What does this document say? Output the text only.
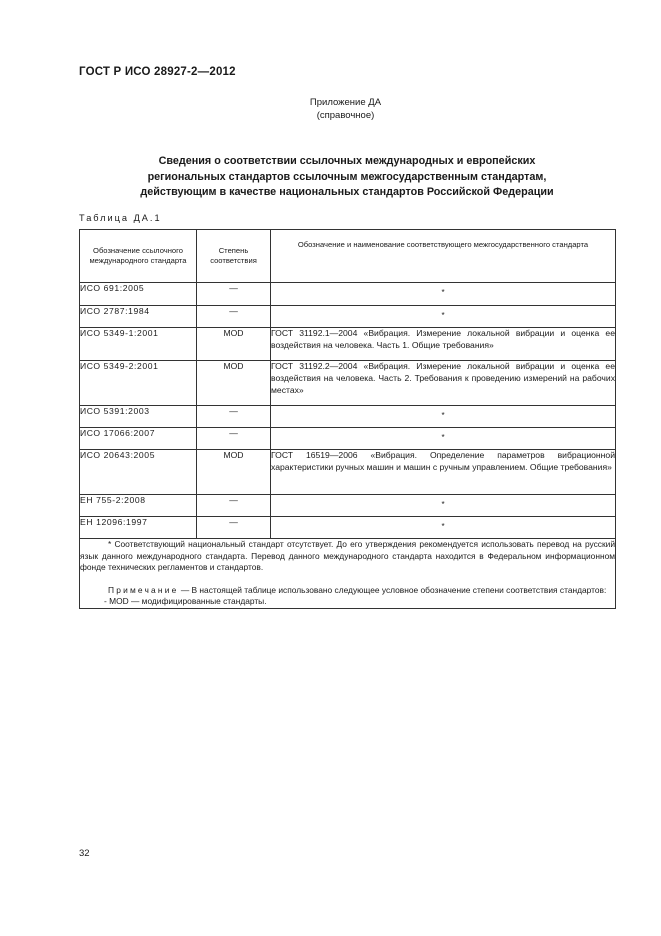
ГОСТ Р ИСО 28927-2—2012
Приложение ДА
(справочное)
Сведения о соответствии ссылочных международных и европейских
региональных стандартов ссылочным межгосударственным стандартам,
действующим в качестве национальных стандартов Российской Федерации
Таблица ДА.1
Обозначение ссылочного международного стандарта	Степень соответствия	Обозначение и наименование соответствующего межгосударственного стандарта

ИСО 691:2005	—	*
ИСО 2787:1984	—	*
ИСО 5349-1:2001	MOD	ГОСТ 31192.1—2004 «Вибрация. Измерение локальной вибрации и оценка ее воздействия на человека. Часть 1. Общие требования»
ИСО 5349-2:2001	MOD	ГОСТ 31192.2—2004 «Вибрация. Измерение локальной вибрации и оценка ее воздействия на человека. Часть 2. Требования к проведению измерений на рабочих местах»
ИСО 5391:2003	—	*
ИСО 17066:2007	—	*
ИСО 20643:2005	MOD	ГОСТ 16519—2006 «Вибрация. Определение параметров вибрационной характеристики ручных машин и машин с ручным управлением. Общие требования»
ЕН 755-2:2008	—	*
ЕН 12096:1997	—	*

* Соответствующий национальный стандарт отсутствует. До его утверждения рекомендуется использовать перевод на русский язык данного международного стандарта. Перевод данного международного стандарта находится в Федеральном информационном фонде технических регламентов и стандартов.
Примечание — В настоящей таблице использовано следующее условное обозначение степени соответствия стандартов:
- MOD — модифицированные стандарты.		
32
